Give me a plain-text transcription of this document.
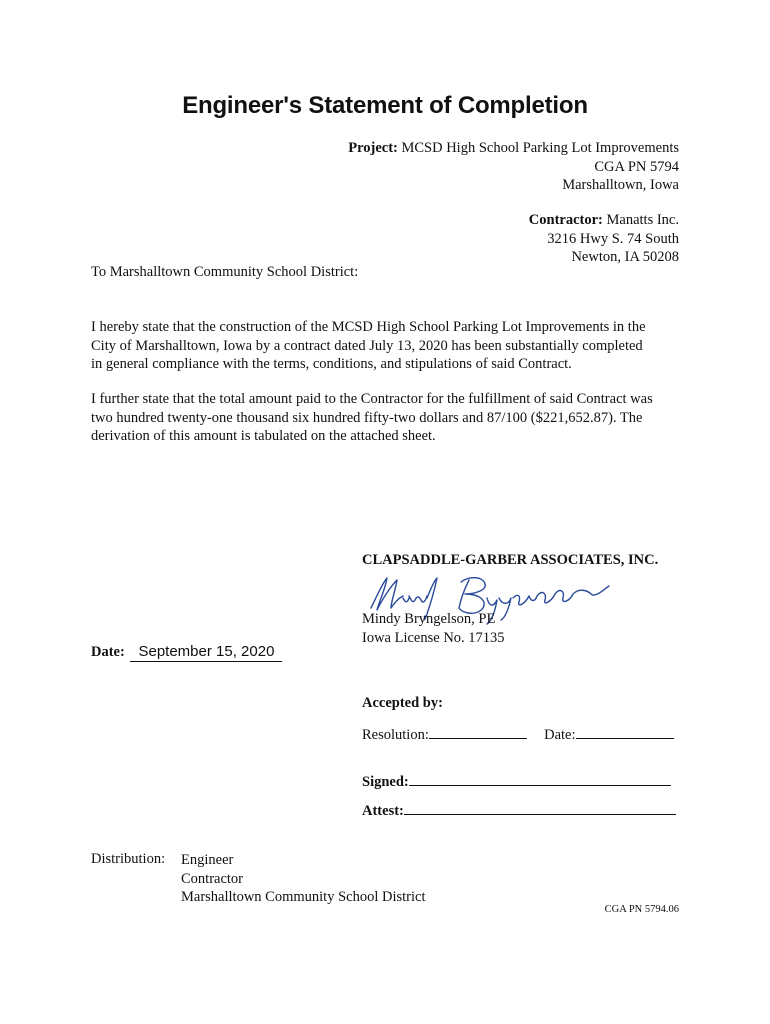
Engineer's Statement of Completion
Project: MCSD High School Parking Lot Improvements
CGA PN 5794
Marshalltown, Iowa
Contractor: Manatts Inc.
3216 Hwy S. 74 South
Newton, IA 50208
To Marshalltown Community School District:
I hereby state that the construction of the MCSD High School Parking Lot Improvements in the
City of Marshalltown, Iowa by a contract dated July 13, 2020 has been substantially completed
in general compliance with the terms, conditions, and stipulations of said Contract.
I further state that the total amount paid to the Contractor for the fulfillment of said Contract was
two hundred twenty-one thousand six hundred fifty-two dollars and 87/100 ($221,652.87). The
derivation of this amount is tabulated on the attached sheet.
CLAPSADDLE-GARBER ASSOCIATES, INC.
Mindy Bryngelson, PE
Iowa License No. 17135
Date: September 15, 2020
Accepted by:
Resolution:	Date:
Signed:
Attest:
Distribution: Engineer
Contractor
Marshalltown Community School District
CGA PN 5794.06
